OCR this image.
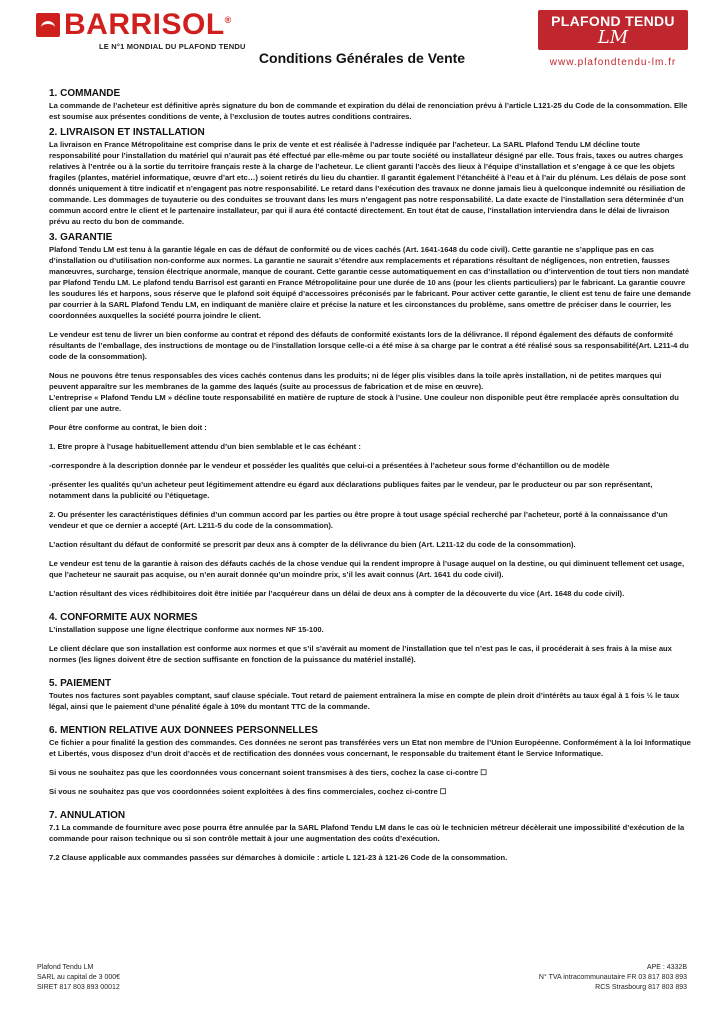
BARRISOL®
LE N°1 MONDIAL DU PLAFOND TENDU
PLAFOND TENDU
LM
www.plafondtendu-lm.fr
Conditions Générales de Vente
1. COMMANDE

La commande de l’acheteur est définitive après signature du bon de commande et expiration du délai de renonciation prévu à l’article L121-25 du Code de la consommation. Elle est soumise aux présentes conditions de vente, à l’exclusion de toutes autres conditions contraires.

2. LIVRAISON ET INSTALLATION

La livraison en France Métropolitaine est comprise dans le prix de vente et est réalisée à l’adresse indiquée par l’acheteur. La SARL Plafond Tendu LM décline toute responsabilité pour l’installation du matériel qui n’aurait pas été effectué par elle-même ou par toute société ou installateur désigné par elle. Tous frais, taxes ou autres charges relatives à l’entrée ou à la sortie du territoire français reste à la charge de l’acheteur. Le client garanti l’accès des lieux à l’équipe d’installation et s’engage à ce que les objets fragiles (plantes, matériel informatique, œuvre d’art etc…) soient retirés du lieu du chantier. Il garantit également l’étanchéité à l’eau et à l’air du plénum. Les délais de pose sont donnés uniquement à titre indicatif et n’engagent pas notre responsabilité. Le retard dans l’exécution des travaux ne donne jamais lieu à quelconque indemnité ou résiliation de commande. Les dommages de tuyauterie ou des conduites se trouvant dans les murs n’engagent pas notre responsabilité. La date exacte de l’installation sera déterminée d’un commun accord entre le client et le partenaire installateur, par qui il aura été contacté directement. En tout état de cause, l’installation interviendra dans le délai de livraison prévu au recto du bon de commande.

3. GARANTIE

Plafond Tendu LM est tenu à la garantie légale en cas de défaut de conformité ou de vices cachés (Art. 1641-1648 du code civil). Cette garantie ne s’applique pas en cas d’installation ou d’utilisation non-conforme aux normes. La garantie ne saurait s’étendre aux remplacements et réparations résultant de négligences, non entretien, fausses manœuvres, surcharge, tension électrique anormale, manque de courant. Cette garantie cesse automatiquement en cas d’installation ou d’intervention de tout tiers non mandaté par Plafond Tendu LM. Le plafond tendu Barrisol est garanti en France Métropolitaine pour une durée de 10 ans (pour les clients particuliers) par le fabricant. La garantie couvre les soudures lés et harpons, sous réserve que le plafond soit équipé d’accessoires préconisés par le fabricant. Pour activer cette garantie, le client est tenu de faire une demande par courrier à la SARL Plafond Tendu LM, en indiquant de manière claire et précise la nature et les circonstances du problème, sans omettre de préciser dans le courrier, les coordonnées auxquelles la société pourra joindre le client.

Le vendeur est tenu de livrer un bien conforme au contrat et répond des défauts de conformité existants lors de la délivrance. Il répond également des défauts de conformité résultants de l’emballage, des instructions de montage ou de l’installation lorsque celle-ci a été mise à sa charge par le contrat a été réalisé sous sa responsabilité(Art. L211-4 du code de la consommation).

Nous ne pouvons être tenus responsables des vices cachés contenus dans les produits; ni de léger plis visibles dans la toile après installation, ni de petites marques qui peuvent apparaître sur les membranes de la gamme des laqués (suite au processus de fabrication et de mise en œuvre).

L’entreprise « Plafond Tendu LM » décline toute responsabilité en matière de rupture de stock à l’usine. Une couleur non disponible peut être remplacée après consultation du client par une autre.

Pour être conforme au contrat, le bien doit :

1. Etre propre à l’usage habituellement attendu d’un bien semblable et le cas échéant :

-correspondre à la description donnée par le vendeur et posséder les qualités que celui-ci a présentées à l’acheteur sous forme d’échantillon ou de modèle

-présenter les qualités qu’un acheteur peut légitimement attendre eu égard aux déclarations publiques faites par le vendeur, par le producteur ou par son représentant, notamment dans la publicité ou l’étiquetage.

2. Ou présenter les caractéristiques définies d’un commun accord par les parties ou être propre à tout usage spécial recherché par l’acheteur, porté à la connaissance d’un vendeur et que ce dernier a accepté (Art. L211-5 du code de la consommation).

L’action résultant du défaut de conformité se prescrit par deux ans à compter de la délivrance du bien (Art. L211-12 du code de la consommation).

Le vendeur est tenu de la garantie à raison des défauts cachés de la chose vendue qui la rendent impropre à l’usage auquel on la destine, ou qui diminuent tellement cet usage, que l’acheteur ne saurait pas acquise, ou n’en aurait donnée qu’un moindre prix, s’il les avait connus (Art. 1641 du code civil).

L’action résultant des vices rédhibitoires doit être initiée par l’acquéreur dans un délai de deux ans à compter de la découverte du vice (Art. 1648 du code civil).

4. CONFORMITE AUX NORMES

L’installation suppose une ligne électrique conforme aux normes NF 15-100.

Le client déclare que son installation est conforme aux normes et que s’il s’avérait au moment de l’installation que tel n’est pas le cas, il procéderait à ses frais à la mise aux normes (les lignes doivent être de section suffisante en fonction de la puissance du matériel installé).

5. PAIEMENT

Toutes nos factures sont payables comptant, sauf clause spéciale. Tout retard de paiement entraînera la mise en compte de plein droit d’intérêts au taux égal à 1 fois ½ le taux légal, ainsi que le paiement d’une pénalité égale à 10% du montant TTC de la commande.

6. MENTION RELATIVE AUX DONNEES PERSONNELLES

Ce fichier a pour finalité la gestion des commandes. Ces données ne seront pas transférées vers un Etat non membre de l’Union Européenne. Conformément à la loi Informatique et Libertés, vous disposez d’un droit d’accès et de rectification des données vous concernant, le responsable du traitement étant le Service Informatique.

Si vous ne souhaitez pas que les coordonnées vous concernant soient transmises à des tiers, cochez la case ci-contre ☐

Si vous ne souhaitez pas que vos coordonnées soient exploitées à des fins commerciales, cochez ci-contre ☐

7. ANNULATION

7.1 La commande de fourniture avec pose pourra être annulée par la SARL Plafond Tendu LM dans le cas où le technicien métreur décèlerait une impossibilité d’exécution de la commande pour raison technique ou si son contrôle mettait à jour une augmentation des coûts d’exécution.

7.2 Clause applicable aux commandes passées sur démarches à domicile : article L 121-23 à 121-26 Code de la consommation.

Plafond Tendu LM
SARL au capital de 3 000€
SIRET 817 803 893 00012
APE : 4332B
N° TVA intracommunautaire FR 03 817 803 893
RCS Strasbourg 817 803 893
